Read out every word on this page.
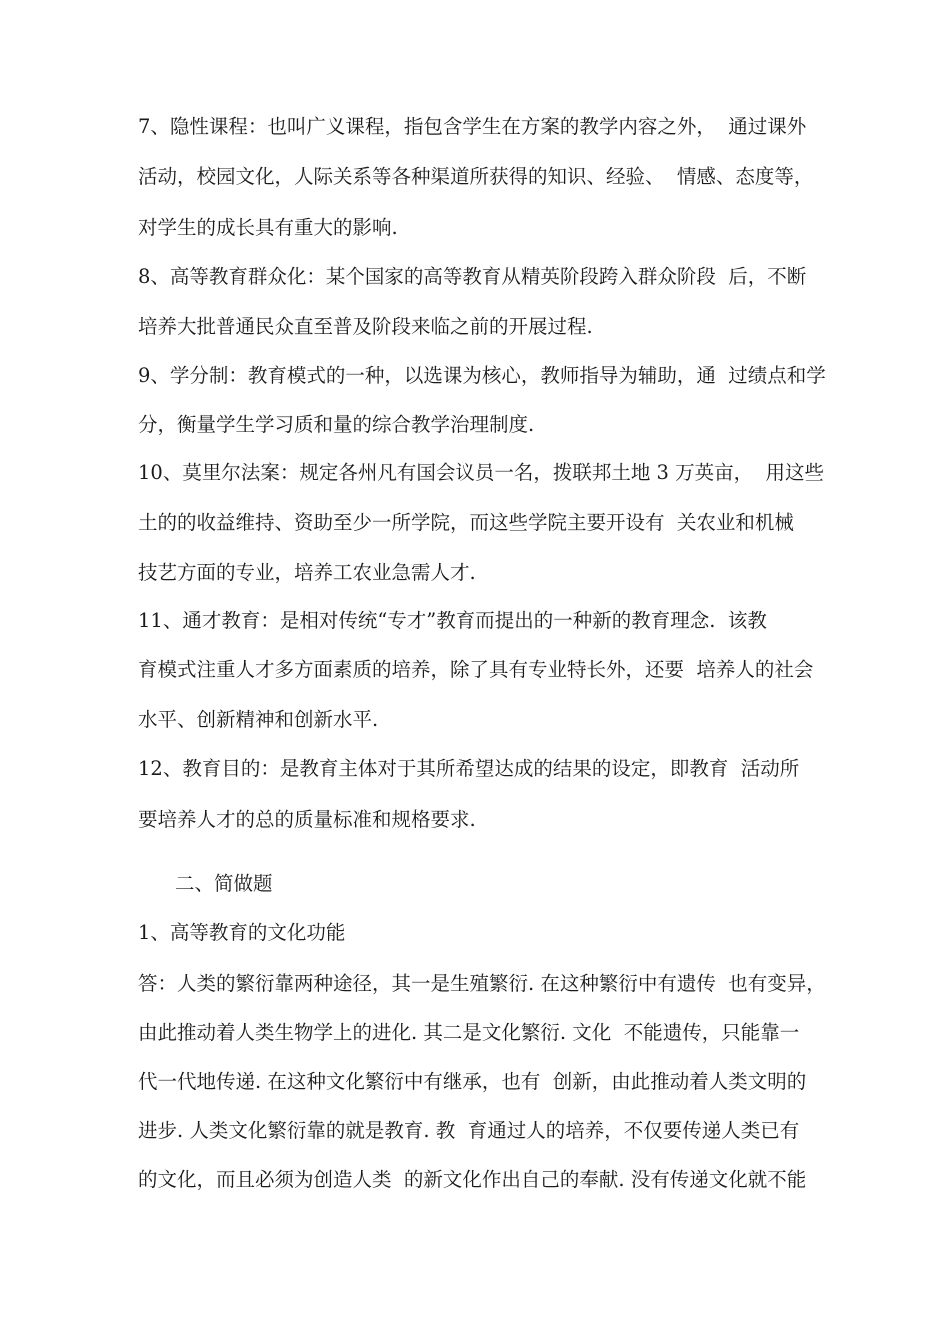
7、隐性课程：也叫广义课程，指包含学生在方案的教学内容之外，  通过课外
活动，校园文化，人际关系等各种渠道所获得的知识、经验、  情感、态度等，
对学生的成长具有重大的影响.
8、高等教育群众化：某个国家的高等教育从精英阶段跨入群众阶段  后，不断
培养大批普通民众直至普及阶段来临之前的开展过程.
9、学分制：教育模式的一种，以选课为核心，教师指导为辅助，通  过绩点和学
分，衡量学生学习质和量的综合教学治理制度.
10、莫里尔法案：规定各州凡有国会议员一名，拨联邦土地 3 万英亩，  用这些
土的的收益维持、资助至少一所学院，而这些学院主要开设有  关农业和机械
技艺方面的专业，培养工农业急需人才.
11、通才教育：是相对传统“专才”教育而提出的一种新的教育理念.  该教
育模式注重人才多方面素质的培养，除了具有专业特长外，还要  培养人的社会
水平、创新精神和创新水平.
12、教育目的：是教育主体对于其所希望达成的结果的设定，即教育  活动所
要培养人才的总的质量标准和规格要求.
二、简做题
1、高等教育的文化功能
答：人类的繁衍靠两种途径，其一是生殖繁衍. 在这种繁衍中有遗传  也有变异，
由此推动着人类生物学上的进化. 其二是文化繁衍. 文化  不能遗传，只能靠一
代一代地传递. 在这种文化繁衍中有继承，也有  创新，由此推动着人类文明的
进步. 人类文化繁衍靠的就是教育. 教  育通过人的培养，不仅要传递人类已有
的文化，而且必须为创造人类  的新文化作出自己的奉献. 没有传递文化就不能
